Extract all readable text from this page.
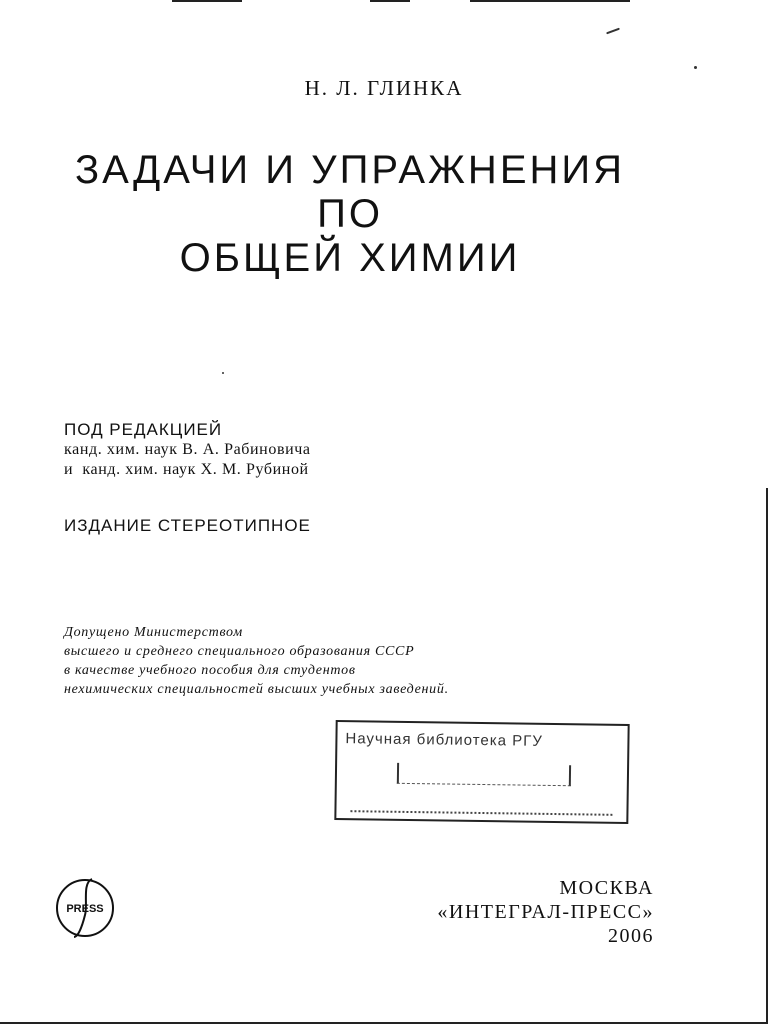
Н. Л. ГЛИНКА
ЗАДАЧИ И УПРАЖНЕНИЯ
ПО
ОБЩЕЙ ХИМИИ
ПОД РЕДАКЦИЕЙ
канд. хим. наук В. А. Рабиновича
и  канд. хим. наук Х. М. Рубиной
ИЗДАНИЕ СТЕРЕОТИПНОЕ
Допущено Министерством
высшего и среднего специального образования СССР
в качестве учебного пособия для студентов
нехимических специальностей высших учебных заведений.
Научная библиотека РГУ
PRESS
МОСКВА
«ИНТЕГРАЛ-ПРЕСС»
2006
